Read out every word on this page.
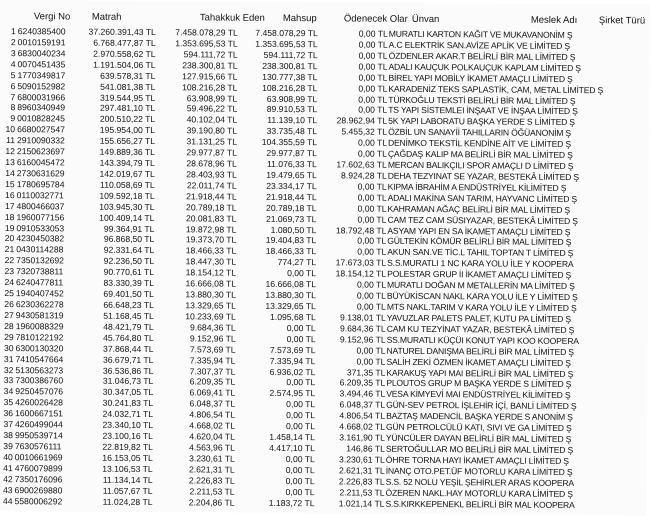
Vergi No Matrah	Tahakkuk Eden Mahsup	Ödenecek Olar Ünvan	Meslek Adı Şirket Türü
1 6240385400	37.260.391,43 TL	7.458.078,29 TL	7.458.078,29 TL	0,00 TL MURATLI KARTON KAĞIT VE MUKAVANONİM Ş
2 0010159191	6.768.477,87 TL	1.353.695,53 TL	1.353.695,53 TL	0,00 TL A.C ELEKTRİK SAN.AVİZE APLİK VE LİMİTED Ş
3 6830040234	2.970.558,62 TL	594.111,72 TL	594.111,72 TL	0,00 TL ÖZDENLER AKAR.T BELİRLİ BİR MAL LİMİTED Ş
4 0070451435	1.191.504,06 TL	238.300,81 TL	238.300,81 TL	0,00 TL ADALI KAUÇUK POLKAUÇUK KAPLAM LİMİTED Ş
5 1770349817	639.578,31 TL	127.915,66 TL	130.777,38 TL	0,00 TL BİREL YAPI MOBİLY İKAMET AMAÇLI LİMİTED Ş
6 5090152982	541.081,38 TL	108.216,28 TL	108.216,28 TL	0,00 TL KARADENİZ TEKS SAPLASTİK, CAM, METAL LİMİTED Ş
7 6800031966	319.544,95 TL	63.908,99 TL	63.908,99 TL	0,00 TL TÜRKOĞLU TEKSTİ BELİRLİ BİR MAL LİMİTED Ş
8 8960340949	297.481,10 TL	59.496,22 TL	89.910,53 TL	0,00 TL TS YAPI SİSTEMLEI İNŞAAT VE İNŞAA LİMİTED Ş
9 0010828245	200.510,22 TL	40.102,04 TL	11.139,10 TL	28.962,94 TL 5K YAPI LABORATU BAŞKA YERDE S LİMİTED Ş
10 6680027547	195.954,00 TL	39.190,80 TL	33.735,48 TL	5.455,32 TL ÖZBİL UN SANAYİİ TAHILLARIN ÖĞÜANONİM Ş
11 2910090332	155.656,27 TL	31.131,25 TL	104.355,59 TL	0,00 TL DENİMKO TEKSTİL KENDİNE AİT VE LİMİTED Ş
12 2150623697	149.889,36 TL	29.977,87 TL	29.977,87 TL	0,00 TL ÇAĞDAŞ KALIP MA BELİRLİ BİR MAL LİMİTED Ş
13 6160045472	143.394,79 TL	28.678,96 TL	11.076,33 TL	17.602,63 TL MERCAN BALIKÇILI SPOR AMAÇLI D LİMİTED Ş
14 2730631629	142.019,67 TL	28.403,93 TL	19.479,65 TL	8.924,28 TL DEHA TEZYINAT SE YAZAR, BESTEKÂ LİMİTED Ş
15 1780695784	110.058,69 TL	22.011,74 TL	23.334,17 TL	0,00 TL KIPMA İBRAHİM A ENDÜSTRİYEL KİLİMİTED Ş
16 0110032771	109.592,18 TL	21.918,44 TL	21.918,44 TL	0,00 TL ADALI MAKİNA SAN TARIM, HAYVANC LİMİTED Ş
17 4800466037	103.945,30 TL	20.789,18 TL	20.789,18 TL	0,00 TL KAHRAMAN AĞAÇ BELİRLİ BİR MAL LİMİTED Ş
18 1960077156	100.409,14 TL	20.081,83 TL	21.069,73 TL	0,00 TL CAM TEZ CAM SÜSIYAZAR, BESTEKÂ LİMİTED Ş
19 0910533053	99.364,91 TL	19.872,98 TL	1.080,50 TL	18.792,48 TL ASYAM YAPI EN SA İKAMET AMAÇLI LİMİTED Ş
20 4230450382	96.868,50 TL	19.373,70 TL	19.404,83 TL	0,00 TL GÜLTEKİN KÖMÜR BELİRLİ BİR MAL LİMİTED Ş
21 0430114288	92.331,64 TL	18.466,33 TL	18.466,33 TL	0,00 TL AKUN SAN.VE TİC.L TAHIL TOPTAN T LİMİTED Ş
22 7350132692	92.236,50 TL	18.447,30 TL	774,27 TL	17.673,03 TL S.S.MURATLI 1 NC KARA YOLU İLE Y KOOPERA
23 7320738811	90.770,61 TL	18.154,12 TL	0,00 TL	18.154,12 TL POLESTAR GRUP İI İKAMET AMAÇLI LİMİTED Ş
24 6240477811	83.330,39 TL	16.666,08 TL	16.666,08 TL	0,00 TL MURATLI DOĞAN M METALLERİN MA LİMİTED Ş
25 1940407452	69.401,50 TL	13.880,30 TL	13.880,30 TL	0,00 TL BÜYÜKİSCAN NAKL KARA YOLU İLE Y LİMİTED Ş
26 6230362278	66.648,23 TL	13.329,65 TL	13.329,65 TL	0,00 TL MTS NAKL.TARIM V KARA YOLU İLE Y LİMİTED Ş
27 9430581319	51.168,45 TL	10.233,69 TL	1.095,68 TL	9.138,01 TL YAVUZLAR PALETS PALET, KUTU PA LİMİTED Ş
28 1960088329	48.421,79 TL	9.684,36 TL	0,00 TL	9.684,36 TL CAM KU TEZYİNAT YAZAR, BESTEKÂ LİMİTED Ş
29 7810122192	45.764,80 TL	9.152,96 TL	0,00 TL	9.152,96 TL SS.MURATLI KÜÇÜI KONUT YAPI KOO KOOPERA
30 6300130320	37.868,44 TL	7.573,69 TL	7.573,69 TL	0,00 TL NATUREL DANIŞMA BELİRLİ BİR MAL LİMİTED Ş
31 7410547664	36.679,71 TL	7.335,94 TL	7.335,94 TL	0,00 TL SALİH ZEKİ ÖZMEN İKAMET AMAÇLI LİMİTED Ş
32 5130563273	36.536,86 TL	7.307,37 TL	6.936,02 TL	371,35 TL KARAKUŞ YAPI MAI BELİRLİ BİR MAL LİMİTED Ş
33 7300386760	31.046,73 TL	6.209,35 TL	0,00 TL	6.209,35 TL PLOUTOS GRUP M BAŞKA YERDE S LİMİTED Ş
34 9250457076	30.347,05 TL	6.069,41 TL	2.574,95 TL	3.494,46 TL VESA KİMYEVİ MAI ENDÜSTRİYEL KİLİMİTED Ş
35 4260026428	30.241,83 TL	6.048,37 TL	0,00 TL	6.048,37 TL GÜN-SEV PETROL İŞLEHİR İÇİ, BANLİ LİMİTED Ş
36 1600667151	24.032,71 TL	4.806,54 TL	0,00 TL	4.806,54 TL BAZTAŞ MADENCİL BAŞKA YERDE S ANONİM Ş
37 4260499044	23.340,10 TL	4.668,02 TL	0,00 TL	4.668,02 TL GÜN PETROLCÜLÜ KATI, SIVI VE GA LİMİTED Ş
38 9950539714	23.100,16 TL	4.620,04 TL	1.458,14 TL	3.161,90 TL YÜNCÜLER DAYAN BELİRLİ BİR MAL LİMİTED Ş
39 7630576111	22.819,82 TL	4.563,96 TL	4.417,10 TL	146,86 TL SERTOĞULLAR MO BELİRLİ BİR MAL LİMİTED Ş
40 0010661969	16.153,05 TL	3.230,61 TL	0,00 TL	3.230,61 TL ÖHRE TORNA HAYI İKAMET AMAÇLI LİMİTED Ş
41 4760079899	13.106,53 TL	2.621,31 TL	0,00 TL	2.621,31 TL İNANÇ OTO.PET.ÜF MOTORLU KARA LİMİTED Ş
42 7350176096	11.134,14 TL	2.226,83 TL	0,00 TL	2.226,83 TL S.S. 52 NOLU YEŞİL ŞEHİRLER ARAS KOOPERA
43 6900269880	11.057,67 TL	2.211,53 TL	0,00 TL	2.211,53 TL ÖZEREN NAKL.HAY MOTORLU KARA LİMİTED Ş
44 5580006292	11.024,28 TL	2.204,86 TL	1.183,72 TL	1.021,14 TL S.S.KIRKKEPENEKL BELİRLİ BİR MAL KOOPERA
